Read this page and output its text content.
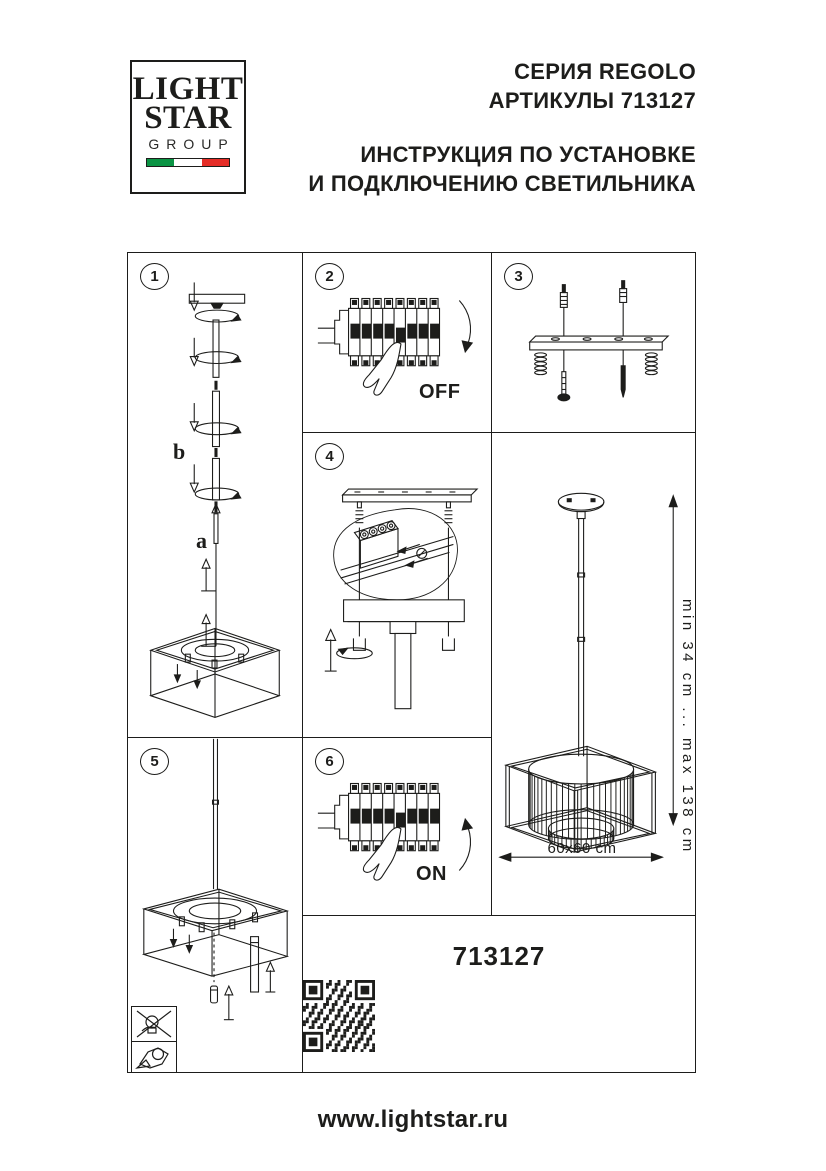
LIGHT
STAR
GROUP
СЕРИЯ REGOLO
АРТИКУЛЫ 713127
ИНСТРУКЦИЯ ПО УСТАНОВКЕ
И ПОДКЛЮЧЕНИЮ СВЕТИЛЬНИКА
1
b
a
2
OFF
3
4
min 34 cm ... max 138 cm
60x60 cm
5	6
ON
713127
www.lightstar.ru
